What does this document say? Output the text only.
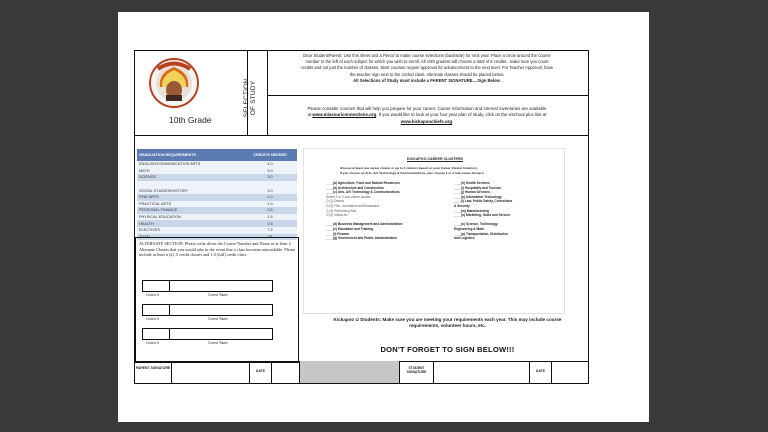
10th Grade
SELECTION OF STUDY
Dear Student/Parent: Use this sheet and a Pencil to make course selections (backside) for next year. Place a circle around the course
number to the left of each subject for which you wish to enroll. All 10th graders will choose a total of 8 credits...make sure you count
credits and not just the number of classes. Most courses require approval for advancement to the next level. For Teacher Approval, have
the teacher sign next to the circled class. Alternate classes should be placed below.
All Selections of Study must include a PARENT SIGNATURE....Sign Below.
Please consider courses that will help you prepare for your career. Career information and interest inventories are available
at www.missouriconnections.org. If you would like to look at your four year plan of study, click on the eSchool plus link at
www.kickapoochiefs.org.
GRADUATION REQUIREMENTS	CREDITS NEEDED
ENGLISH/COMMUNICATION ARTS	4.0
MATH	3.0
SCIENCE	3.0

SOCIAL STUDIES/HISTORY	3.0
FINE ARTS	1.0
PRACTICAL ARTS	1.0
PERSONAL FINANCE	0.5
PHYSICAL EDUCATION	1.5
HEALTH	0.5
ELECTIVES	7.5
TOTAL	25
ALTERNATE SECTION: Please write down the Course Number and Name of at least 2 Alternate Classes that you would take in the event that a class becomes unavailable. Please include at least a (2) .5 credit classes and 1.0 (full) credit class.
Course #	Course Name
Course #	Course Name
Course #	Course Name
KICKAPOO CAREER CLUSTERS
Choose at least one career cluster or up to 4 clusters based on your Career Cluster Inventory.
If you choose (c) Arts, A/V Technology & Communications, also choose 1 or 2 sub-career clusters.
____(a) Agriculture, Food and Natural Resources
____(b) Architecture and Construction
____(c) Arts, A/V Technology & Communications
Select 1 or 2 sub-career cluster:
O (1) Drama
O (2) Film, Journalism and Broadcast
O (3) Performing Arts
O (4) Visual Art
____(d) Business Management and Administration
____(e) Education and Training
____(f) Finance
____(g) Government and Public Administration
____(h) Health Services
____(i) Hospitality and Tourism
____(j) Human Services
____(k) Information Technology
____(l) Law, Public Safety, Corrections
& Security
____(m) Manufacturing
____(n) Marketing, Sales and Service
____(o) Science, Technology,
Engineering & Math
____(p) Transportation, Distribution
and Logistics
Kickapoo U Students: Make sure you are meeting your requirements each year. This may include course
requirements, volunteer hours, etc.
DON'T FORGET TO SIGN BELOW!!!
PARENT SIGNATURE
DATE
STUDENT SIGNATURE	DATE
